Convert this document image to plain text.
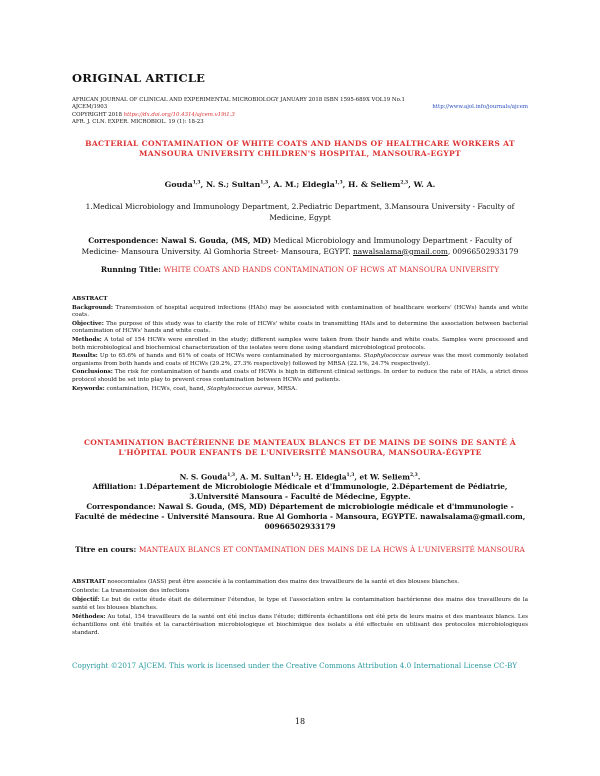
ORIGINAL ARTICLE
AFRICAN JOURNAL OF CLINICAL AND EXPERIMENTAL MICROBIOLOGY JANUARY 2018 ISBN 1595-689X VOL19 No.1
AJCEM/1903	http://www.ajol.info/journals/ajcem
COPYRIGHT 2018 https://dx.doi.org/10.4314/ajcem.v19i1.3
AFR. J. CLN. EXPER. MICROBIOL. 19 (1): 18-23
BACTERIAL CONTAMINATION OF WHITE COATS AND HANDS OF HEALTHCARE WORKERS AT MANSOURA UNIVERSITY CHILDREN'S HOSPITAL, MANSOURA-EGYPT
Gouda$^{1,3}$, N. S.; Sultan$^{1,3}$, A. M.; Eldegla$^{1,3}$, H. & Seliem$^{2,3}$, W. A.
1.Medical Microbiology and Immunology Department, 2.Pediatric Department, 3.Mansoura University - Faculty of Medicine, Egypt
Correspondence: Nawal S. Gouda, (MS, MD) Medical Microbiology and Immunology Department - Faculty of Medicine- Mansoura University. Al Gomhoria Street- Mansoura, EGYPT. nawalsalama@gmail.com, 00966502933179
Running Title: WHITE COATS AND HANDS CONTAMINATION OF HCWS AT MANSOURA UNIVERSITY

ABSTRACT

Background: Transmission of hospital acquired infections (HAIs) may be associated with contamination of healthcare workers' (HCWs) hands and white coats.

Objective: The purpose of this study was to clarify the role of HCWs' white coats in transmitting HAIs and to determine the association between bacterial contamination of HCWs' hands and white coats.

Methods: A total of 154 HCWs were enrolled in the study; different samples were taken from their hands and white coats. Samples were processed and both microbiological and biochemical characterization of the isolates were done using standard microbiological protocols.

Results: Up to 65.6% of hands and 61% of coats of HCWs were contaminated by microorganisms. Staphylococcus aureus was the most commonly isolated organisms from both hands and coats of HCWs (29.2%, 27.3% respectively) followed by MRSA (22.1%, 24.7% respectively).

Conclusions: The risk for contamination of hands and coats of HCWs is high in different clinical settings. In order to reduce the rate of HAIs, a strict dress protocol should be set into play to prevent cross contamination between HCWs and patients.

Keywords: contamination, HCWs, coat, hand, Staphylococcus aureus, MRSA.

CONTAMINATION BACTÉRIENNE DE MANTEAUX BLANCS ET DE MAINS DE SOINS DE SANTÉ À L'HÔPITAL POUR ENFANTS DE L'UNIVERSITÉ MANSOURA, MANSOURA-ÉGYPTE
N. S. Gouda$^{1,3}$, A. M. Sultan$^{1,3}$; H. Eldegla$^{1,3}$, et W. Seliem$^{2,3}$.
Affiliation: 1.Département de Microbiologie Médicale et d'Immunologie, 2.Département de Pédiatrie, 3.Université Mansoura - Faculté de Médecine, Egypte.
Correspondance: Nawal S. Gouda, (MS, MD) Département de microbiologie médicale et d'immunologie - Faculté de médecine - Université Mansoura. Rue Al Gomhoria - Mansoura, EGYPTE. nawalsalama@gmail.com, 00966502933179
Titre en cours: MANTEAUX BLANCS ET CONTAMINATION DES MAINS DE LA HCWS À L'UNIVERSITÉ MANSOURA

ABSTRAIT nosocomiales (IASS) peut être associée à la contamination des mains des travailleurs de la santé et des blouses blanches.

Contexte: La transmission des infections

Objectif: Le but de cette étude était de déterminer l'étendue, le type et l'association entre la contamination bactérienne des mains des travailleurs de la santé et les blouses blanches.

Méthodes: Au total, 154 travailleurs de la santé ont été inclus dans l'étude; différents échantillons ont été pris de leurs mains et des manteaux blancs. Les échantillons ont été traités et la caractérisation microbiologique et biochimique des isolats a été effectuée en utilisant des protocoles microbiologiques standard.

Copyright ©2017 AJCEM. This work is licensed under the Creative Commons Attribution 4.0 International License CC-BY
18
